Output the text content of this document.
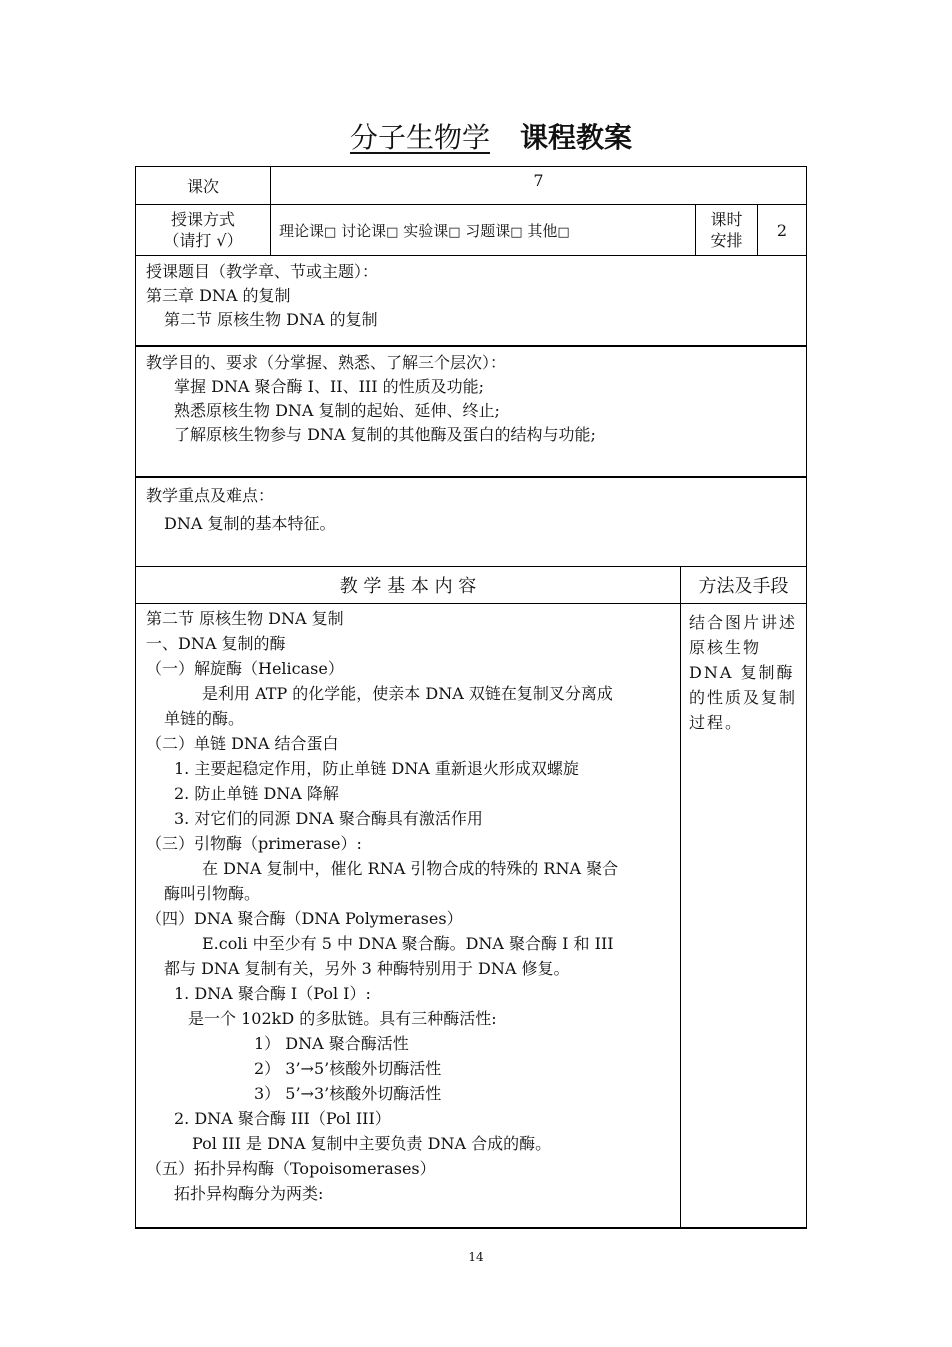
分子生物学 课程教案
课次	7
授课方式
（请打 √）
理论课□
讨论课□
实验课□
习题课□
其他□
课时
安排
2
授课题目（教学章、节或主题）：
第三章 DNA 的复制
第二节 原核生物 DNA 的复制
教学目的、要求（分掌握、熟悉、了解三个层次）：
掌握 DNA 聚合酶 I、II、III 的性质及功能;
熟悉原核生物 DNA 复制的起始、延伸、终止;
了解原核生物参与 DNA 复制的其他酶及蛋白的结构与功能;
教学重点及难点：
DNA 复制的基本特征。
教 学 基 本 内 容	方法及手段
第二节 原核生物 DNA 复制
一、DNA 复制的酶
（一）解旋酶（Helicase）
是利用 ATP 的化学能，使亲本 DNA 双链在复制叉分离成
单链的酶。
（二）单链 DNA 结合蛋白
1. 主要起稳定作用，防止单链 DNA 重新退火形成双螺旋
2. 防止单链 DNA 降解
3. 对它们的同源 DNA 聚合酶具有激活作用
（三）引物酶（primerase）:
在 DNA 复制中，催化 RNA 引物合成的特殊的 RNA 聚合
酶叫引物酶。
（四）DNA 聚合酶（DNA Polymerases）
E.coli 中至少有 5 中 DNA 聚合酶。DNA 聚合酶 I 和 III
都与 DNA 复制有关，另外 3 种酶特别用于 DNA 修复。
1. DNA 聚合酶 I（Pol I）:
是一个 102kD 的多肽链。具有三种酶活性:
1） DNA 聚合酶活性
2） 3’→5’核酸外切酶活性
3） 5’→3’核酸外切酶活性
2. DNA 聚合酶 III（Pol III）
Pol III 是 DNA 复制中主要负责 DNA 合成的酶。
（五）拓扑异构酶（Topoisomerases）
拓扑异构酶分为两类:
结合图片讲述原核生物 DNA 复制酶的性质及复制过程。
14
